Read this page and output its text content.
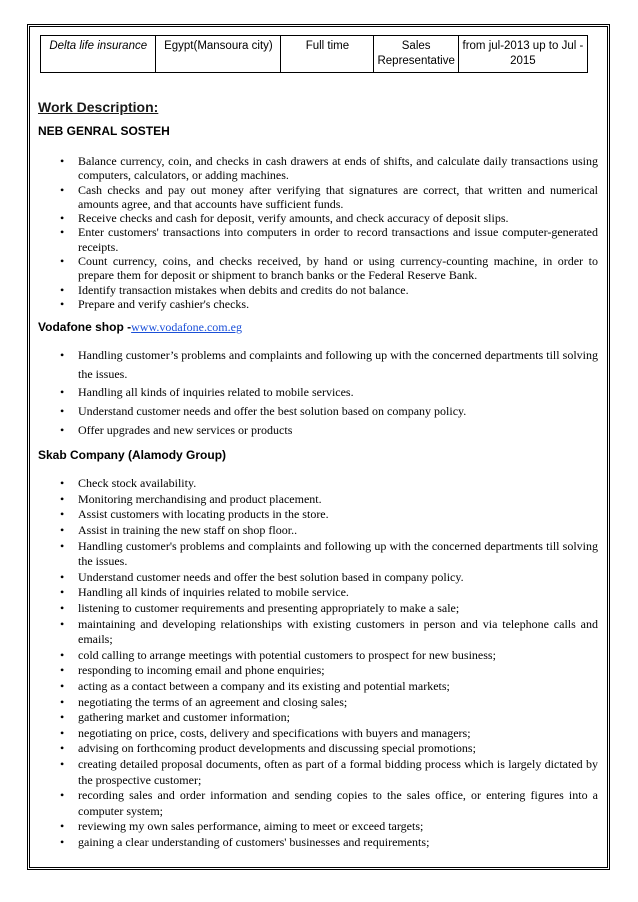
Delta life insurance	Egypt(Mansoura city)	Full time	Sales Representative	from jul-2013 up to Jul - 2015
Work Description:
NEB GENRAL SOSTEH
• Balance currency, coin, and checks in cash drawers at ends of shifts, and calculate daily transactions using computers, calculators, or adding machines.
• Cash checks and pay out money after verifying that signatures are correct, that written and numerical amounts agree, and that accounts have sufficient funds.
• Receive checks and cash for deposit, verify amounts, and check accuracy of deposit slips.
• Enter customers' transactions into computers in order to record transactions and issue computer-generated receipts.
• Count currency, coins, and checks received, by hand or using currency-counting machine, in order to prepare them for deposit or shipment to branch banks or the Federal Reserve Bank.
• Identify transaction mistakes when debits and credits do not balance.
• Prepare and verify cashier's checks.
Vodafone shop -www.vodafone.com.eg
• Handling customer’s problems and complaints and following up with the concerned departments till solving the issues.
• Handling all kinds of inquiries related to mobile services.
• Understand customer needs and offer the best solution based on company policy.
• Offer upgrades and new services or products
Skab Company (Alamody Group)
• Check stock availability.
• Monitoring merchandising and product placement.
• Assist customers with locating products in the store.
• Assist in training the new staff on shop floor..
• Handling customer's problems and complaints and following up with the concerned departments till solving the issues.
• Understand customer needs and offer the best solution based in company policy.
• Handling all kinds of inquiries related to mobile service.
• listening to customer requirements and presenting appropriately to make a sale;
• maintaining and developing relationships with existing customers in person and via telephone calls and emails;
• cold calling to arrange meetings with potential customers to prospect for new business;
• responding to incoming email and phone enquiries;
• acting as a contact between a company and its existing and potential markets;
• negotiating the terms of an agreement and closing sales;
• gathering market and customer information;
• negotiating on price, costs, delivery and specifications with buyers and managers;
• advising on forthcoming product developments and discussing special promotions;
• creating detailed proposal documents, often as part of a formal bidding process which is largely dictated by the prospective customer;
• recording sales and order information and sending copies to the sales office, or entering figures into a computer system;
• reviewing my own sales performance, aiming to meet or exceed targets;
• gaining a clear understanding of customers' businesses and requirements;
